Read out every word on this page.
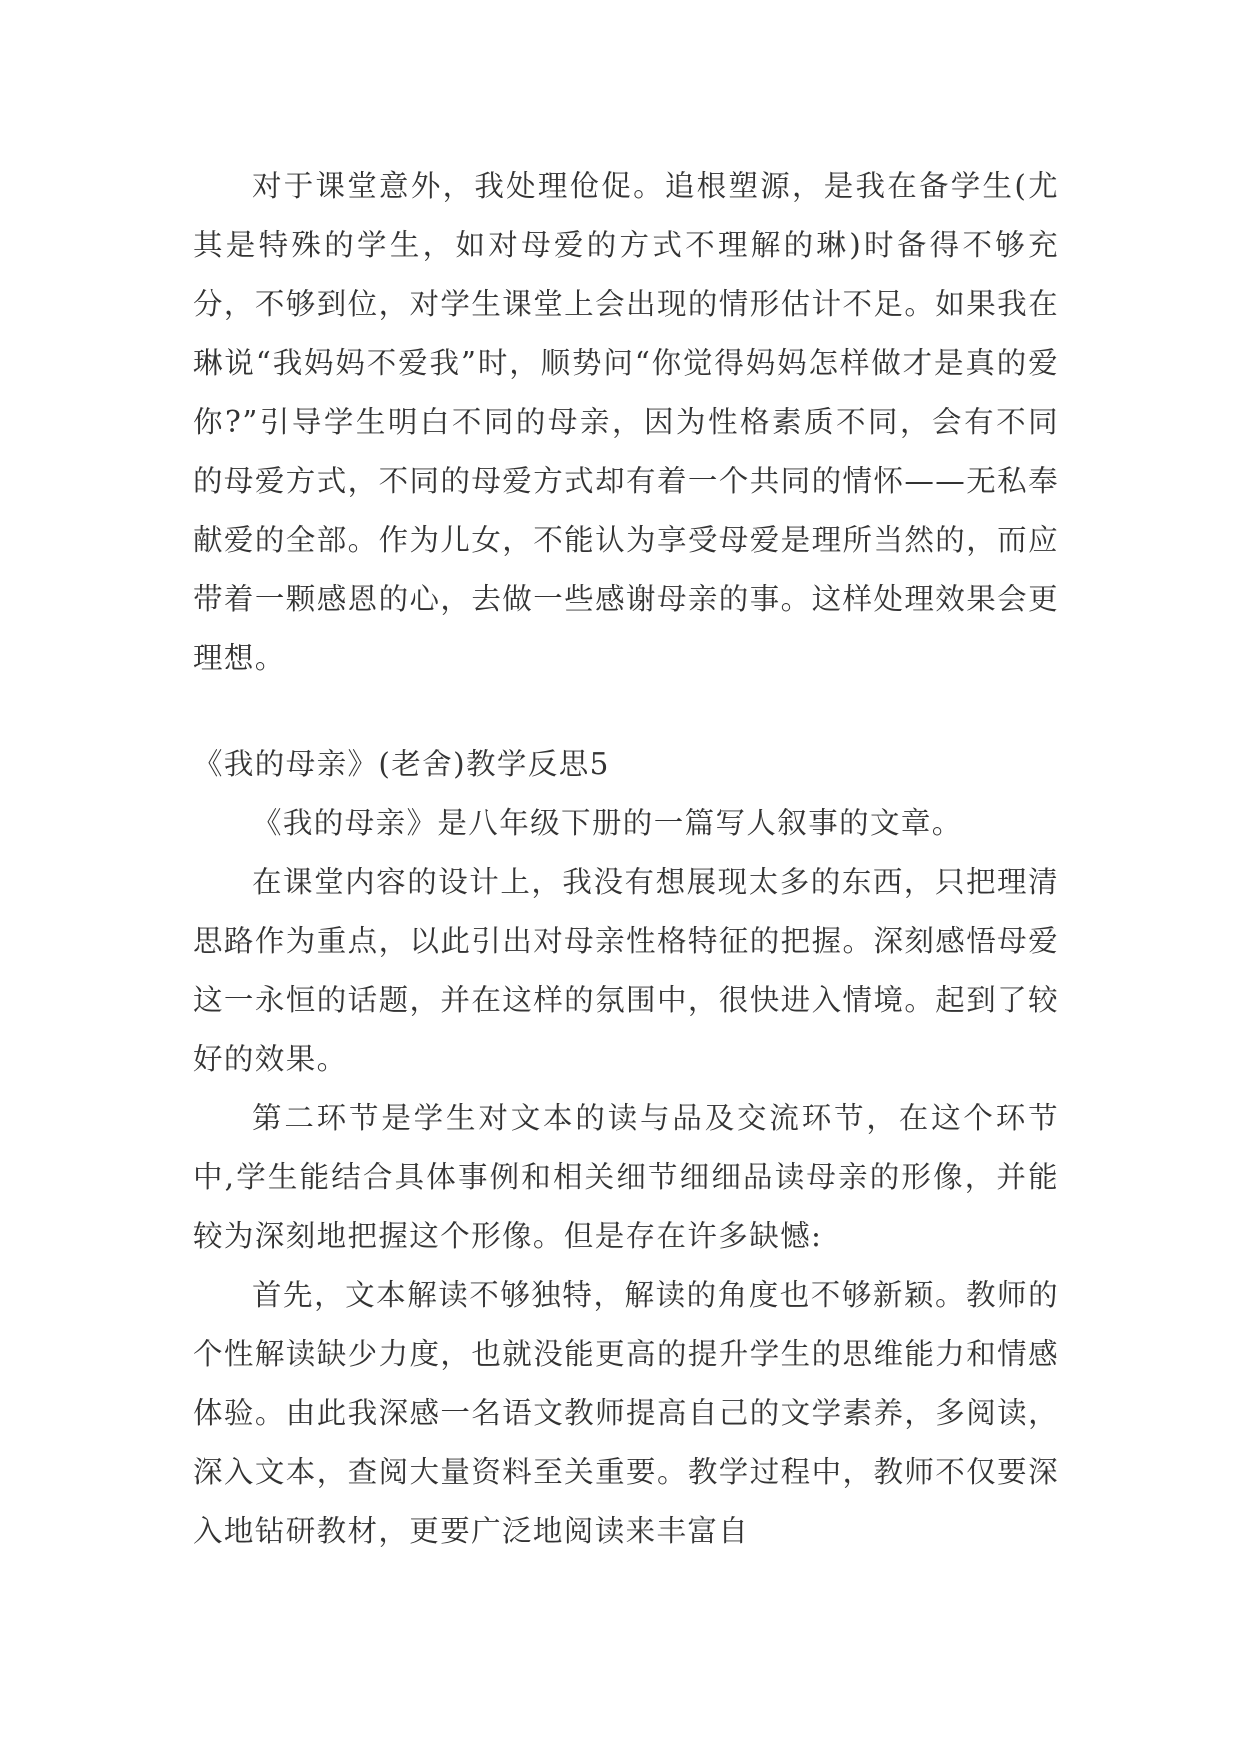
对于课堂意外，我处理伧促。追根塑源，是我在备学生(尤其是特殊的学生，如对母爱的方式不理解的琳)时备得不够充分，不够到位，对学生课堂上会出现的情形估计不足。如果我在琳说“我妈妈不爱我”时，顺势问“你觉得妈妈怎样做才是真的爱你?”引导学生明白不同的母亲，因为性格素质不同，会有不同的母爱方式，不同的母爱方式却有着一个共同的情怀——无私奉献爱的全部。作为儿女，不能认为享受母爱是理所当然的，而应带着一颗感恩的心，去做一些感谢母亲的事。这样处理效果会更理想。

《我的母亲》(老舍)教学反思5

《我的母亲》是八年级下册的一篇写人叙事的文章。

在课堂内容的设计上，我没有想展现太多的东西，只把理清思路作为重点，以此引出对母亲性格特征的把握。深刻感悟母爱这一永恒的话题，并在这样的氛围中，很快进入情境。起到了较好的效果。

第二环节是学生对文本的读与品及交流环节，在这个环节中,学生能结合具体事例和相关细节细细品读母亲的形像，并能较为深刻地把握这个形像。但是存在许多缺憾:

首先，文本解读不够独特，解读的角度也不够新颖。教师的个性解读缺少力度，也就没能更高的提升学生的思维能力和情感体验。由此我深感一名语文教师提高自己的文学素养，多阅读，深入文本，查阅大量资料至关重要。教学过程中，教师不仅要深入地钻研教材，更要广泛地阅读来丰富自
